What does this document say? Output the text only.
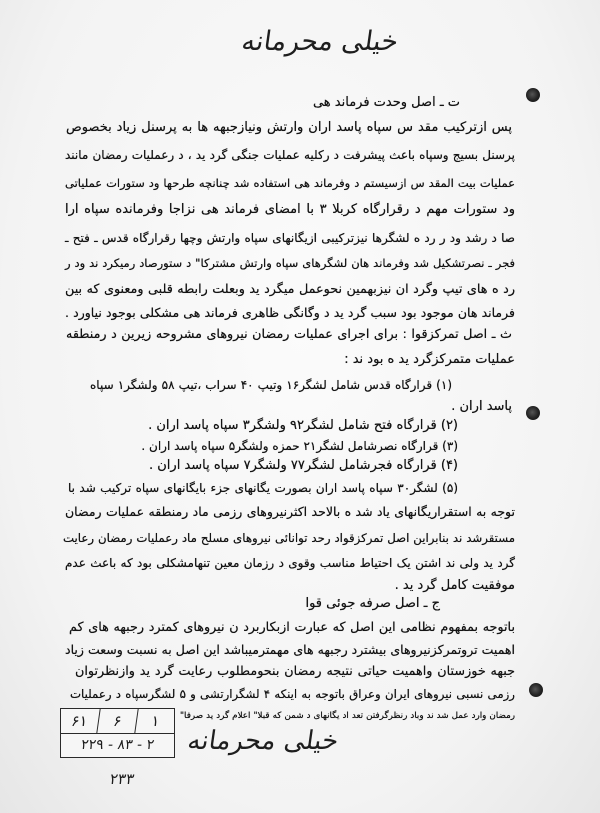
خیلی محرمانه
ت ـ اصل وحدت فرماند هی
پس ازترکیب مقد س سپاه پاسد اران وارتش ونیازجبهه ها به پرسنل زیاد بخصوص
پرسنل بسیج وسپاه باعث پیشرفت د رکلیه عملیات جنگی گرد ید ، د رعملیات رمضان مانند
عملیات بیت المقد س ازسیستم د وفرماند هی استفاده شد چنانچه طرحها ود ستورات عملیاتی
ود ستورات مهم د رقرارگاه کربلا ۳ با امضای فرماند هی نزاجا وفرمانده سپاه ارا
صا د رشد ود ر رد ه لشگرها نیزترکیبی ازیگانهای سپاه وارتش وچها رقرارگاه قدس ـ فتح ـ
فجر ـ نصرتشکیل شد وفرماند هان لشگرهای سپاه وارتش مشترکا" د ستورصاد رمیکرد ند ود ر
رد ه های تیپ وگرد ان نیزبهمین نحوعمل میگرد ید وبعلت رابطه قلبی ومعنوی که بین
فرماند هان موجود بود سبب گرد ید د وگانگی ظاهری فرماند هی مشکلی بوجود نیاورد .
ث ـ اصل تمرکزقوا : برای اجرای عملیات رمضان نیروهای مشروحه زیرین د رمنطقه
عملیات متمرکزگرد ید ه بود ند :
(۱) قرارگاه قدس شامل لشگر۱۶ وتیپ ۴۰ سراب ،تیپ ۵۸ ولشگر۱ سپاه
پاسد اران .
(۲) قرارگاه فتح شامل لشگر۹۲ ولشگر۳ سپاه پاسد اران .
(۳) قرارگاه نصرشامل لشگر۲۱ حمزه ولشگر۵ سپاه پاسد اران .
(۴) قرارگاه فجرشامل لشگر۷۷ ولشگر۷ سپاه پاسد اران .
(۵) لشگر۳۰ سپاه پاسد اران بصورت یگانهای جزء بایگانهای سپاه ترکیب شد با
توجه به استقراریگانهای یاد شد ه بالاحد اکثرنیروهای رزمی ماد رمنطقه عملیات رمضان
مستقرشد ند بنابراین اصل تمرکزقواد رحد توانائی نیروهای مسلح ماد رعملیات رمضان رعایت
گرد ید ولی ند اشتن یک احتیاط مناسب وقوی د رزمان معین تنهامشکلی بود که باعث عدم
موفقیت کامل گرد ید .
ج ـ اصل صرفه جوئی قوا
باتوجه بمفهوم نظامی این اصل که عبارت ازبکاربرد ن نیروهای کمترد رجبهه های کم
اهمیت تروتمرکزنیروهای بیشترد رجبهه های مهمترمیباشد این اصل به نسبت وسعت زیاد
جبهه خوزستان واهمیت حیاتی نتیجه رمضان بنحومطلوب رعایت گرد ید وازنظرتوان
رزمی نسبی نیروهای ایران وعراق باتوجه به اینکه ۴ لشگرارتشی و ۵ لشگرسپاه د رعملیات
رمضان وارد عمل شد ند وباد رنظرگرفتن تعد اد یگانهای د شمن که قبلا" اعلام گرد ید صرفا"
۶۱	۶	۱
۲۲۹ - ۸۳ - ۲
۲۳۳
خیلی محرمانه
